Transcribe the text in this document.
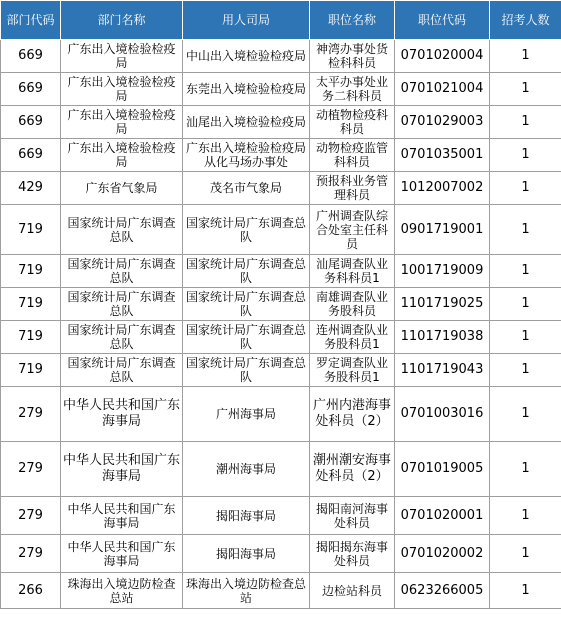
部门代码	部门名称	用人司局	职位名称	职位代码	招考人数
669	广东出入境检验检疫局	中山出入境检验检疫局	神湾办事处货检科科员	0701020004	1
669	广东出入境检验检疫局	东莞出入境检验检疫局	太平办事处业务二科科员	0701021004	1
669	广东出入境检验检疫局	汕尾出入境检验检疫局	动植物检疫科科员	0701029003	1
669	广东出入境检验检疫局	广东出入境检验检疫局从化马场办事处	动物检疫监管科科员	0701035001	1
429	广东省气象局	茂名市气象局	预报科业务管理科员	1012007002	1
719	国家统计局广东调查总队	国家统计局广东调查总队	广州调查队综合处室主任科员	0901719001	1
719	国家统计局广东调查总队	国家统计局广东调查总队	汕尾调查队业务科科员1	1001719009	1
719	国家统计局广东调查总队	国家统计局广东调查总队	南雄调查队业务股科员	1101719025	1
719	国家统计局广东调查总队	国家统计局广东调查总队	连州调查队业务股科员1	1101719038	1
719	国家统计局广东调查总队	国家统计局广东调查总队	罗定调查队业务股科员1	1101719043	1
279	中华人民共和国广东海事局	广州海事局	广州内港海事处科员（2）	0701003016	1
279	中华人民共和国广东海事局	潮州海事局	潮州潮安海事处科员（2）	0701019005	1
279	中华人民共和国广东海事局	揭阳海事局	揭阳南河海事处科员	0701020001	1
279	中华人民共和国广东海事局	揭阳海事局	揭阳揭东海事处科员	0701020002	1
266	珠海出入境边防检查总站	珠海出入境边防检查总站	边检站科员	0623266005	1
